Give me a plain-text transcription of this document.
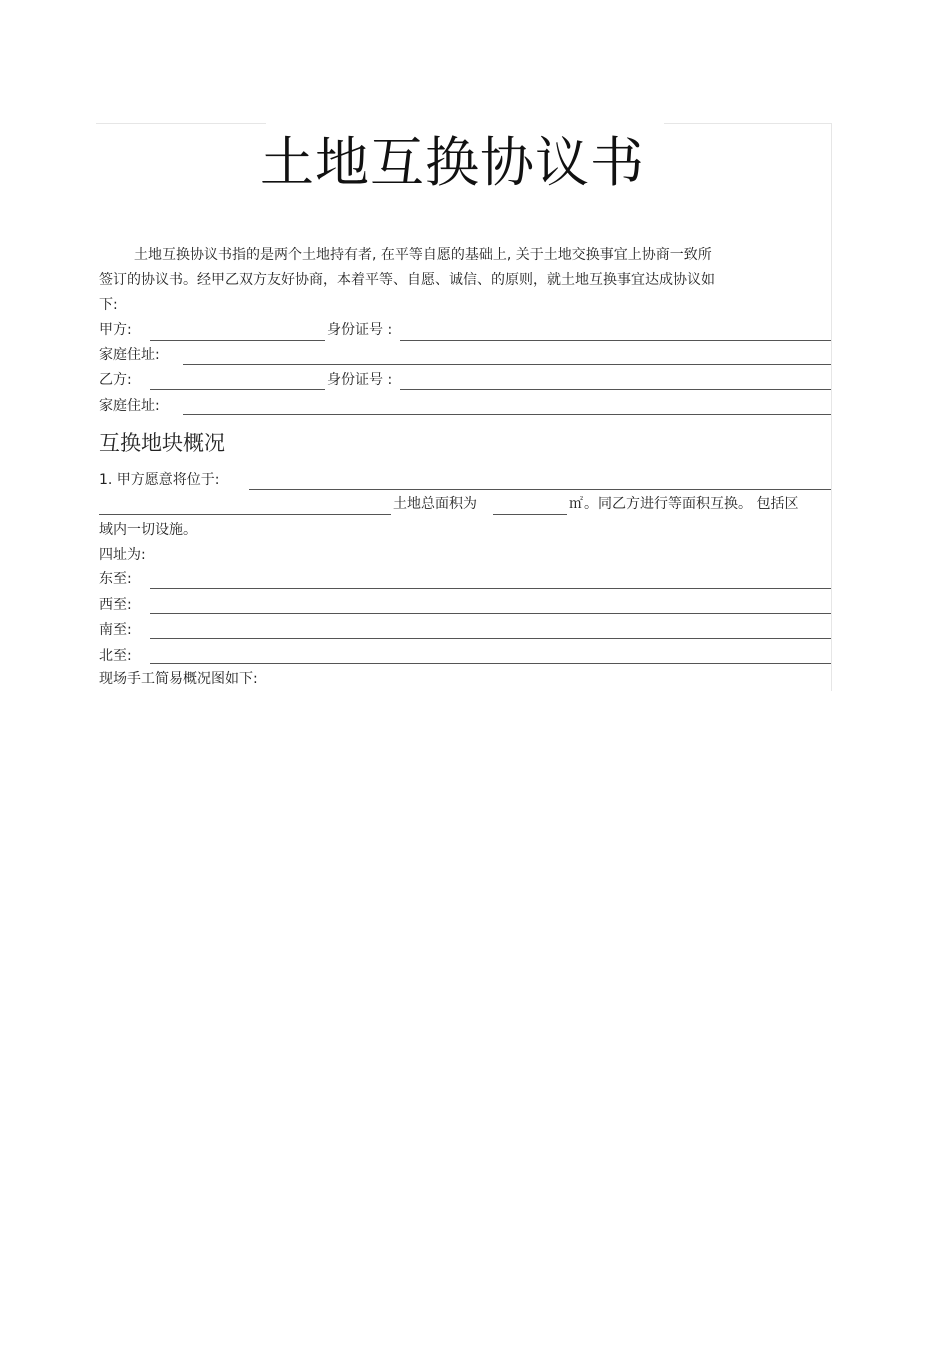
土地互换协议书
土地互换协议书指的是两个土地持有者, 在平等自愿的基础上, 关于土地交换事宜上协商一致所
签订的协议书。经甲乙双方友好协商，本着平等、自愿、诚信、的原则，就土地互换事宜达成协议如
下:
甲方:	身份证号 :
家庭住址:
乙方:	身份证号 :
家庭住址:
互换地块概况
1. 甲方愿意将位于:
土地总面积为	㎡ 。同乙方进行等面积互换。 包括区
域内一切设施。
四址为:
东至:
西至:
南至:
北至:
现场手工简易概况图如下:
